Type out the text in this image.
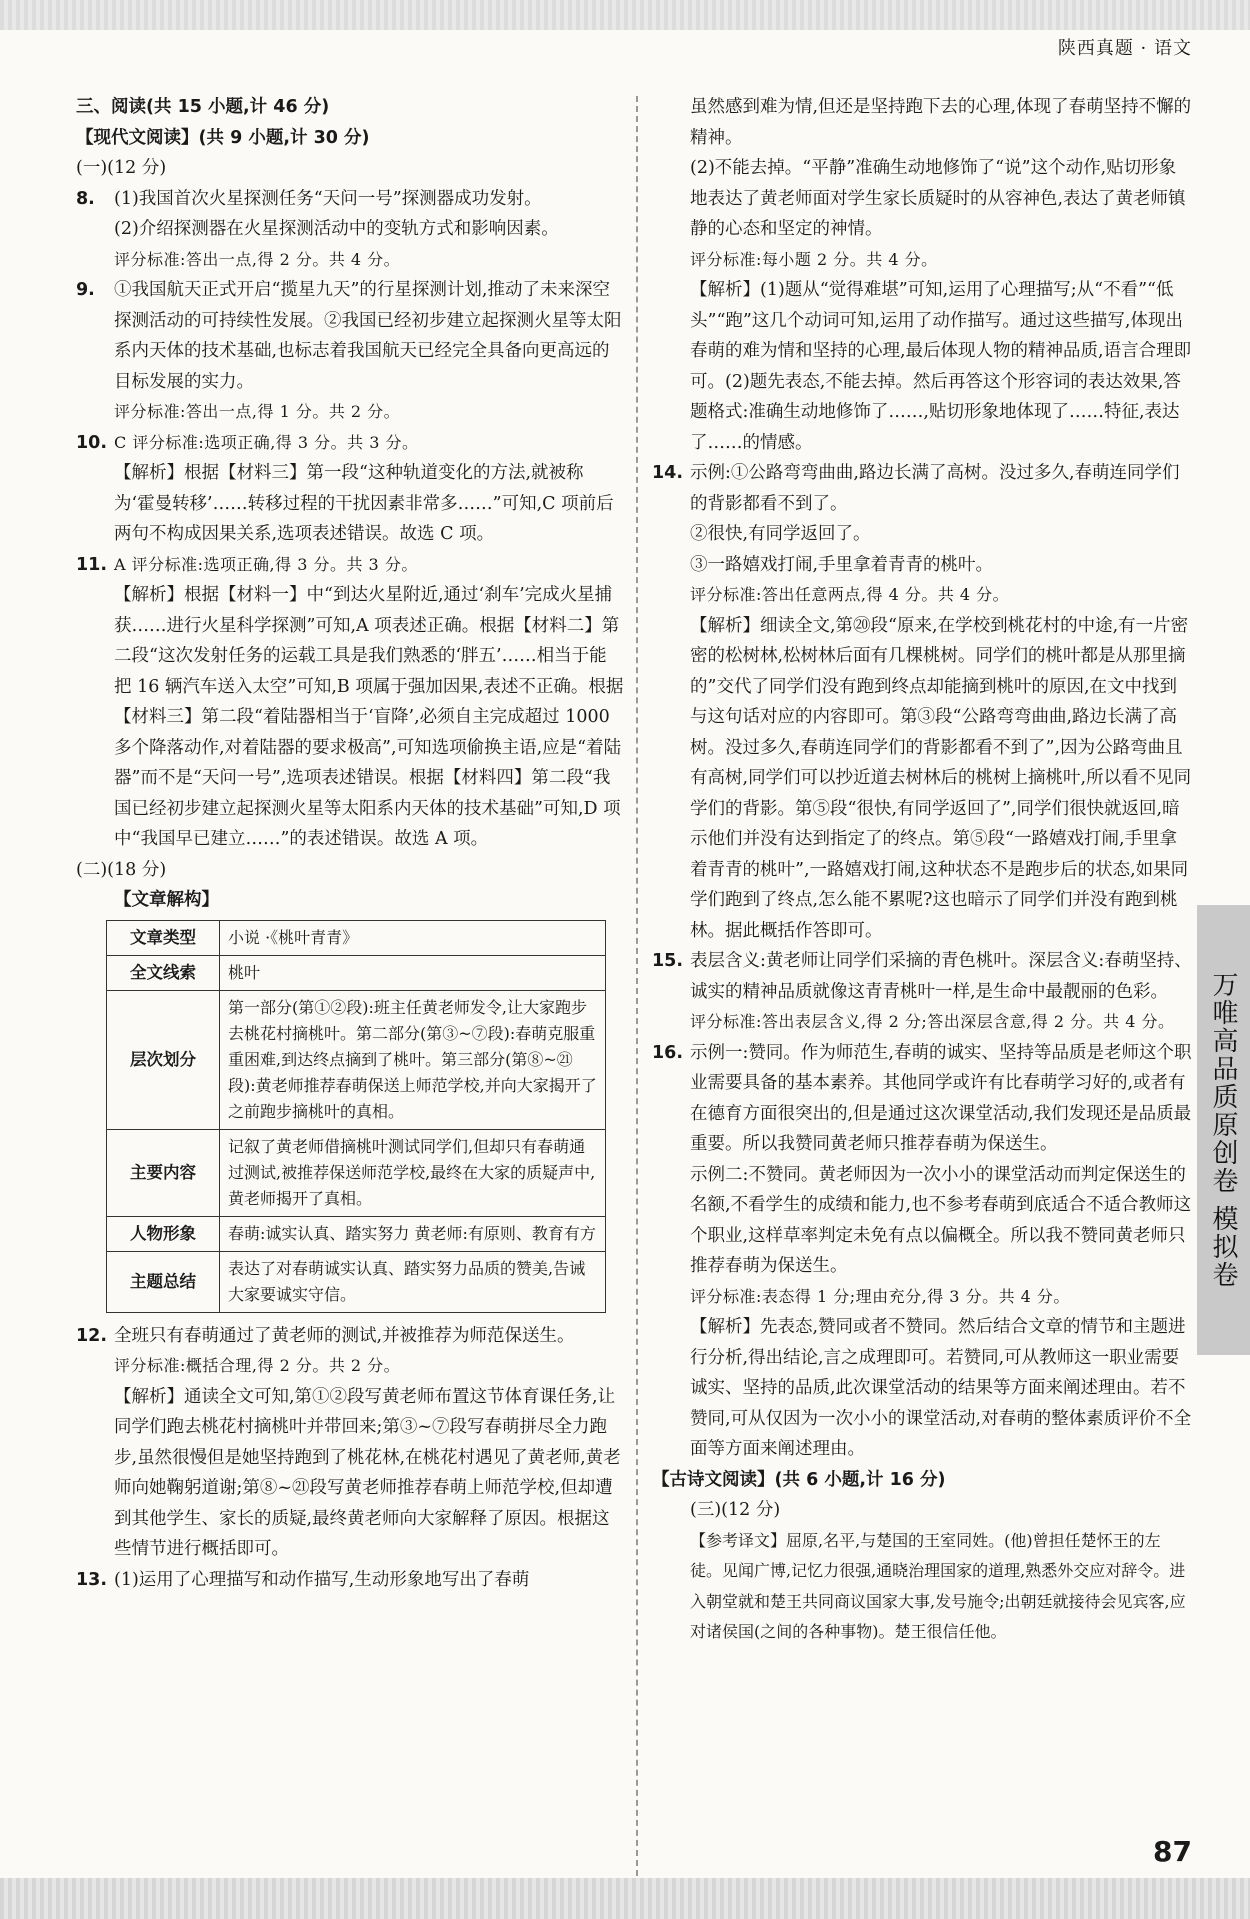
陕西真题 · 语文

三、阅读(共 15 小题,计 46 分)

【现代文阅读】(共 9 小题,计 30 分)

(一)(12 分)

8.	(1)我国首次火星探测任务“天问一号”探测器成功发射。

(2)介绍探测器在火星探测活动中的变轨方式和影响因素。

评分标准:答出一点,得 2 分。共 4 分。

9.	①我国航天正式开启“揽星九天”的行星探测计划,推动了未来深空探测活动的可持续性发展。②我国已经初步建立起探测火星等太阳系内天体的技术基础,也标志着我国航天已经完全具备向更高远的目标发展的实力。

评分标准:答出一点,得 1 分。共 2 分。

10. C 评分标准:选项正确,得 3 分。共 3 分。

【解析】根据【材料三】第一段“这种轨道变化的方法,就被称为‘霍曼转移’……转移过程的干扰因素非常多……”可知,C 项前后两句不构成因果关系,选项表述错误。故选 C 项。

11. A 评分标准:选项正确,得 3 分。共 3 分。

【解析】根据【材料一】中“到达火星附近,通过‘刹车’完成火星捕获……进行火星科学探测”可知,A 项表述正确。根据【材料二】第二段“这次发射任务的运载工具是我们熟悉的‘胖五’……相当于能把 16 辆汽车送入太空”可知,B 项属于强加因果,表述不正确。根据【材料三】第二段“着陆器相当于‘盲降’,必须自主完成超过 1000 多个降落动作,对着陆器的要求极高”,可知选项偷换主语,应是“着陆器”而不是“天问一号”,选项表述错误。根据【材料四】第二段“我国已经初步建立起探测火星等太阳系内天体的技术基础”可知,D 项中“我国早已建立……”的表述错误。故选 A 项。

(二)(18 分)

【文章解构】

文章类型	小说 ·《桃叶青青》
全文线索	桃叶
层次划分	第一部分(第①②段):班主任黄老师发令,让大家跑步去桃花村摘桃叶。第二部分(第③~⑦段):春萌克服重重困难,到达终点摘到了桃叶。第三部分(第⑧~㉑段):黄老师推荐春萌保送上师范学校,并向大家揭开了之前跑步摘桃叶的真相。
主要内容	记叙了黄老师借摘桃叶测试同学们,但却只有春萌通过测试,被推荐保送师范学校,最终在大家的质疑声中,黄老师揭开了真相。
人物形象	春萌:诚实认真、踏实努力 黄老师:有原则、教育有方
主题总结	表达了对春萌诚实认真、踏实努力品质的赞美,告诫大家要诚实守信。
12. 全班只有春萌通过了黄老师的测试,并被推荐为师范保送生。

评分标准:概括合理,得 2 分。共 2 分。

【解析】通读全文可知,第①②段写黄老师布置这节体育课任务,让同学们跑去桃花村摘桃叶并带回来;第③~⑦段写春萌拼尽全力跑步,虽然很慢但是她坚持跑到了桃花林,在桃花村遇见了黄老师,黄老师向她鞠躬道谢;第⑧~㉑段写黄老师推荐春萌上师范学校,但却遭到其他学生、家长的质疑,最终黄老师向大家解释了原因。根据这些情节进行概括即可。

13. (1)运用了心理描写和动作描写,生动形象地写出了春萌

虽然感到难为情,但还是坚持跑下去的心理,体现了春萌坚持不懈的精神。

(2)不能去掉。“平静”准确生动地修饰了“说”这个动作,贴切形象地表达了黄老师面对学生家长质疑时的从容神色,表达了黄老师镇静的心态和坚定的神情。

评分标准:每小题 2 分。共 4 分。

【解析】(1)题从“觉得难堪”可知,运用了心理描写;从“不看”“低头”“跑”这几个动词可知,运用了动作描写。通过这些描写,体现出春萌的难为情和坚持的心理,最后体现人物的精神品质,语言合理即可。(2)题先表态,不能去掉。然后再答这个形容词的表达效果,答题格式:准确生动地修饰了……,贴切形象地体现了……特征,表达了……的情感。

14. 示例:①公路弯弯曲曲,路边长满了高树。没过多久,春萌连同学们的背影都看不到了。

②很快,有同学返回了。

③一路嬉戏打闹,手里拿着青青的桃叶。

评分标准:答出任意两点,得 4 分。共 4 分。

【解析】细读全文,第⑳段“原来,在学校到桃花村的中途,有一片密密的松树林,松树林后面有几棵桃树。同学们的桃叶都是从那里摘的”交代了同学们没有跑到终点却能摘到桃叶的原因,在文中找到与这句话对应的内容即可。第③段“公路弯弯曲曲,路边长满了高树。没过多久,春萌连同学们的背影都看不到了”,因为公路弯曲且有高树,同学们可以抄近道去树林后的桃树上摘桃叶,所以看不见同学们的背影。第⑤段“很快,有同学返回了”,同学们很快就返回,暗示他们并没有达到指定了的终点。第⑤段“一路嬉戏打闹,手里拿着青青的桃叶”,一路嬉戏打闹,这种状态不是跑步后的状态,如果同学们跑到了终点,怎么能不累呢?这也暗示了同学们并没有跑到桃林。据此概括作答即可。

15. 表层含义:黄老师让同学们采摘的青色桃叶。深层含义:春萌坚持、诚实的精神品质就像这青青桃叶一样,是生命中最靓丽的色彩。

评分标准:答出表层含义,得 2 分;答出深层含意,得 2 分。共 4 分。

16. 示例一:赞同。作为师范生,春萌的诚实、坚持等品质是老师这个职业需要具备的基本素养。其他同学或许有比春萌学习好的,或者有在德育方面很突出的,但是通过这次课堂活动,我们发现还是品质最重要。所以我赞同黄老师只推荐春萌为保送生。

示例二:不赞同。黄老师因为一次小小的课堂活动而判定保送生的名额,不看学生的成绩和能力,也不参考春萌到底适合不适合教师这个职业,这样草率判定未免有点以偏概全。所以我不赞同黄老师只推荐春萌为保送生。

评分标准:表态得 1 分;理由充分,得 3 分。共 4 分。

【解析】先表态,赞同或者不赞同。然后结合文章的情节和主题进行分析,得出结论,言之成理即可。若赞同,可从教师这一职业需要诚实、坚持的品质,此次课堂活动的结果等方面来阐述理由。若不赞同,可从仅因为一次小小的课堂活动,对春萌的整体素质评价不全面等方面来阐述理由。

【古诗文阅读】(共 6 小题,计 16 分)

(三)(12 分)

【参考译文】屈原,名平,与楚国的王室同姓。(他)曾担任楚怀王的左徒。见闻广博,记忆力很强,通晓治理国家的道理,熟悉外交应对辞令。进入朝堂就和楚王共同商议国家大事,发号施令;出朝廷就接待会见宾客,应对诸侯国(之间的各种事物)。楚王很信任他。

万唯高品质原创卷 模拟卷
87
